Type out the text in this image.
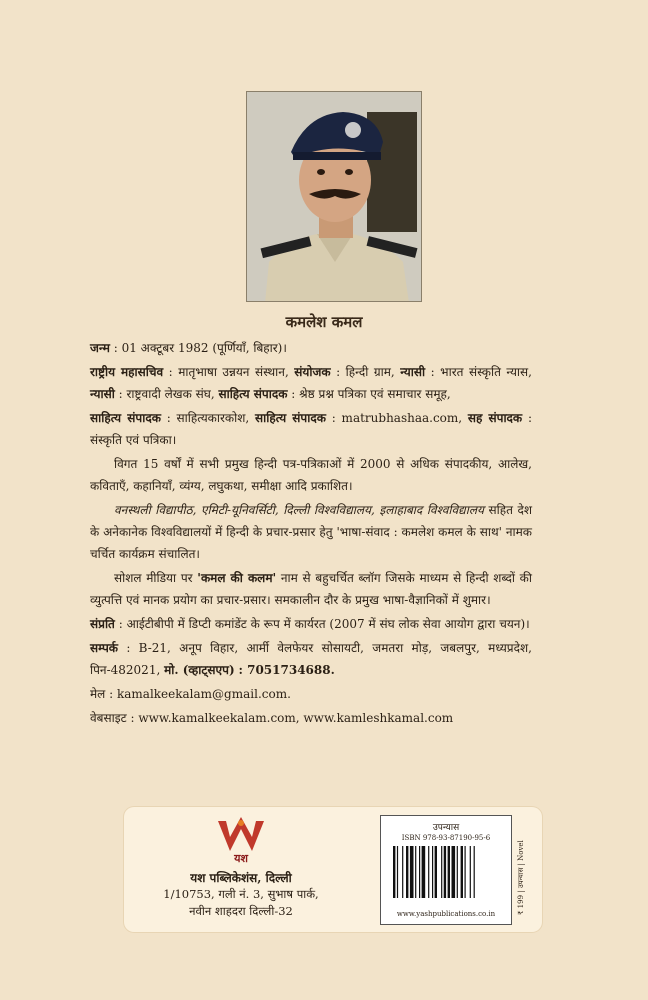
कमलेश कमल

जन्म : 01 अक्टूबर 1982 (पूर्णियाँ, बिहार)।

राष्ट्रीय महासचिव : मातृभाषा उन्नयन संस्थान, संयोजक : हिन्दी ग्राम, न्यासी : भारत संस्कृति न्यास, न्यासी : राष्ट्रवादी लेखक संघ, साहित्य संपादक : श्रेष्ठ प्रश्न पत्रिका एवं समाचार समूह,

साहित्य संपादक : साहित्यकारकोश, साहित्य संपादक : matrubhashaa.com, सह संपादक : संस्कृति एवं पत्रिका।

विगत 15 वर्षों में सभी प्रमुख हिन्दी पत्र-पत्रिकाओं में 2000 से अधिक संपादकीय, आलेख, कविताएँ, कहानियाँ, व्यंग्य, लघुकथा, समीक्षा आदि प्रकाशित।

वनस्थली विद्यापीठ, एमिटी-यूनिवर्सिटी, दिल्ली विश्वविद्यालय, इलाहाबाद विश्वविद्यालय सहित देश के अनेकानेक विश्वविद्यालयों में हिन्दी के प्रचार-प्रसार हेतु 'भाषा-संवाद : कमलेश कमल के साथ' नामक चर्चित कार्यक्रम संचालित।

सोशल मीडिया पर 'कमल की कलम' नाम से बहुचर्चित ब्लॉग जिसके माध्यम से हिन्दी शब्दों की व्युत्पत्ति एवं मानक प्रयोग का प्रचार-प्रसार। समकालीन दौर के प्रमुख भाषा-वैज्ञानिकों में शुमार।

संप्रति : आईटीबीपी में डिप्टी कमांडेंट के रूप में कार्यरत (2007 में संघ लोक सेवा आयोग द्वारा चयन)।

सम्पर्क : B-21, अनूप विहार, आर्मी वेलफेयर सोसायटी, जमतरा मोड़, जबलपुर, मध्यप्रदेश, पिन-482021, मो. (व्हाट्सएप) : 7051734688.

मेल : kamalkeekalam@gmail.com.

वेबसाइट : www.kamalkeekalam.com, www.kamleshkamal.com

यश
यश पब्लिकेशंस, दिल्ली
1/10753, गली नं. 3, सुभाष पार्क,
नवीन शाहदरा दिल्ली-32
उपन्यास
ISBN 978-93-87190-95-6
www.yashpublications.co.in	₹ 199 | उपन्यास | Novel
